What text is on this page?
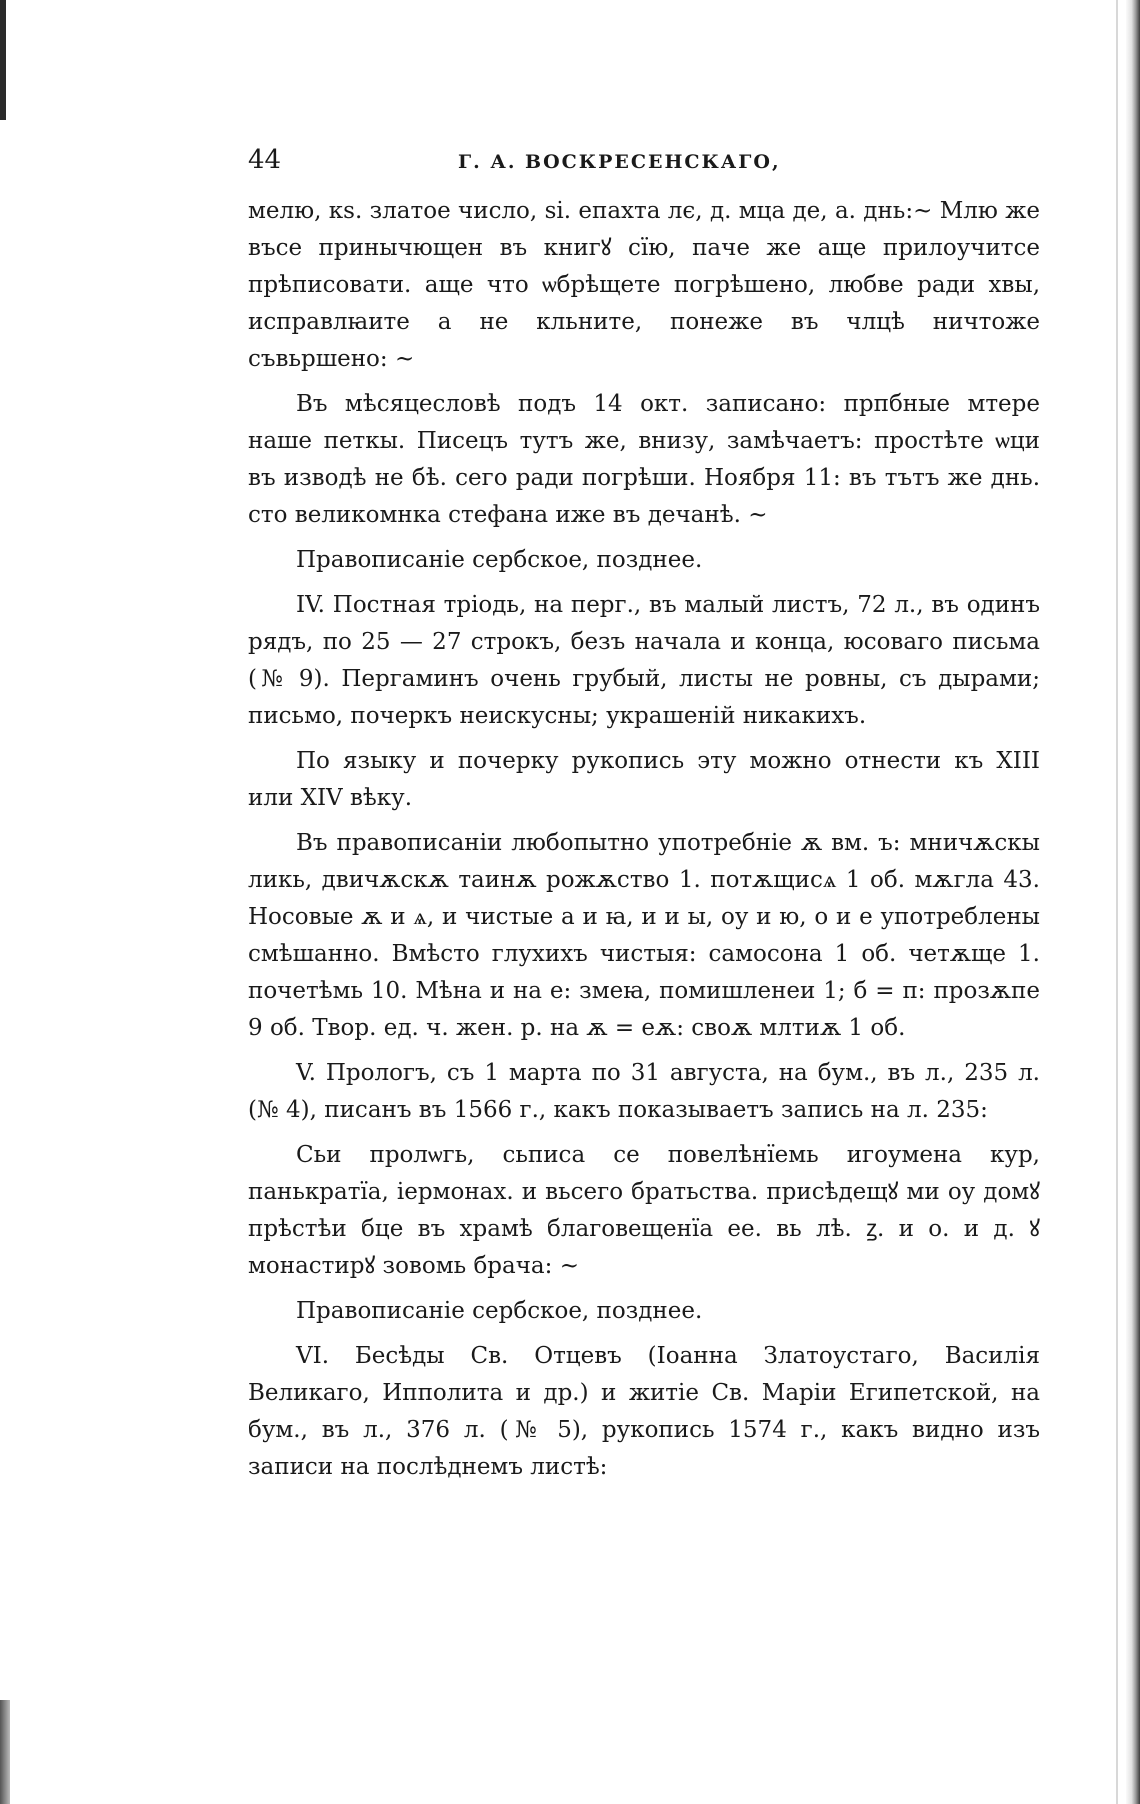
44	Г. А. ВОСКРЕСЕНСКАГО,

мелю, кѕ. златое число, ѕі. епахта лє, д. мца де, а. днь:~ Млю же въсе принычющен въ книгꙋ сїю, паче же аще прилоучитсе прѣписовати. аще что ѡбрѣщете погрѣшено, любве ради хвы, исправлꙗите а не кльните, понеже въ члцѣ ничтоже съвьршено: ~

Въ мѣсяцесловѣ подъ 14 окт. записано: прпбные мтере наше петкы. Писецъ тутъ же, внизу, замѣчаетъ: простѣте ѡци въ изводѣ не бѣ. сего ради погрѣши. Ноября 11: въ тътъ же днь. сто великомнка стефана иже въ дечанѣ. ~

Правописанiе сербское, позднее.

IV. Постная трiодь, на перг., въ малый листъ, 72 л., въ одинъ рядъ, по 25 — 27 строкъ, безъ начала и конца, юсоваго письма (№ 9). Пергаминъ очень грубый, листы не ровны, съ дырами; письмо, почеркъ неискусны; украшенiй никакихъ.

По языку и почерку рукопись эту можно отнести къ XIII или XIV вѣку.

Въ правописанiи любопытно употребнiе ѫ вм. ъ: мничѫскы ликь, двичѫскѫ таинѫ рожѫство 1. потѫщисѧ 1 об. мѫгла 43. Носовые ѫ и ѧ, и чистые а и ꙗ, и и ы, оу и ю, о и е употреблены смѣшанно. Вмѣсто глухихъ чистыя: самосона 1 об. четѫще 1. почетѣмь 10. Мѣна и на е: змеꙗ, помишленеи 1; б = п: прозѫпе 9 об. Твор. ед. ч. жен. р. на ѫ = еѫ: своѫ млтиѫ 1 об.

V. Прологъ, съ 1 марта по 31 августа, на бум., въ л., 235 л. (№ 4), писанъ въ 1566 г., какъ показываетъ запись на л. 235:

Сьи пролѡгь, сьписа се повелѣнїемь игоумена кур, панькратїа, iермонах. и вьсего братьства. присѣдещꙋ ми оу домꙋ прѣстѣи бце въ храмѣ благовещенїа ее. вь лѣ. ꙁ. и о. и д. ꙋ монастирꙋ зовомь брача: ~

Правописанiе сербское, позднее.

VI. Бесѣды Св. Отцевъ (Iоанна Златоустаго, Василiя Великаго, Ипполита и др.) и житiе Св. Марiи Египетской, на бум., въ л., 376 л. (№ 5), рукопись 1574 г., какъ видно изъ записи на послѣднемъ листѣ:
